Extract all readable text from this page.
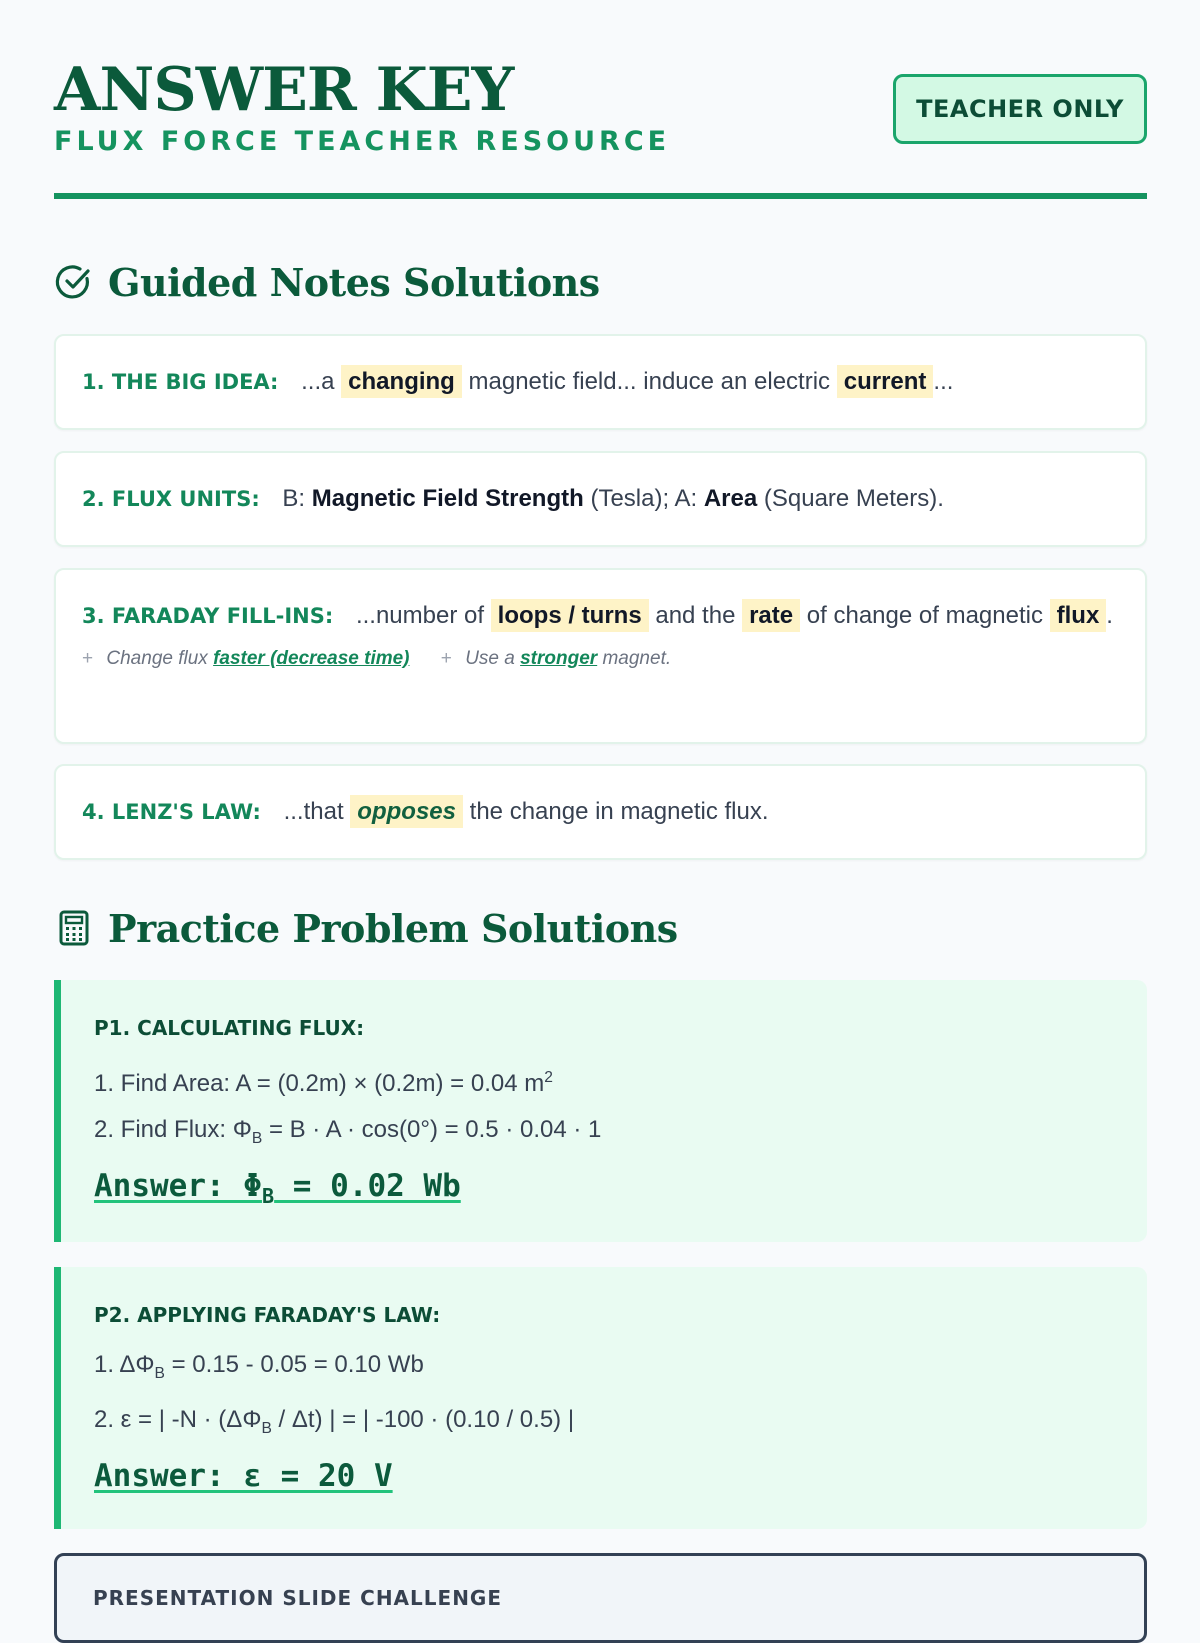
ANSWER KEY
FLUX FORCE TEACHER RESOURCE
TEACHER ONLY
Guided Notes Solutions
1. THE BIG IDEA: ...a changing magnetic field... induce an electric current ...
2. FLUX UNITS: B: Magnetic Field Strength (Tesla); A: Area (Square Meters).
3. FARADAY FILL-INS: ...number of loops / turns and the rate of change of magnetic flux .
+ Change flux faster (decrease time) + Use a stronger magnet.
4. LENZ'S LAW: ...that opposes the change in magnetic flux.
Practice Problem Solutions
P1. CALCULATING FLUX:
1. Find Area: A = (0.2m) × (0.2m) = 0.04 $m^2$
2. Find Flux: $\Phi_B = B \cdot A \cdot \cos(0^\circ) = 0.5 \cdot 0.04 \cdot 1$
Answer: $\Phi_B = 0.02$ Wb
P2. APPLYING FARADAY'S LAW:
1. $\Delta\Phi_B = 0.15 - 0.05 = 0.10$ Wb
2. ε = | $-N \cdot (\Delta\Phi_B / \Delta t)$ | = | -100 · (0.10 / 0.5) |
Answer: ε = 20 V
PRESENTATION SLIDE CHALLENGE
